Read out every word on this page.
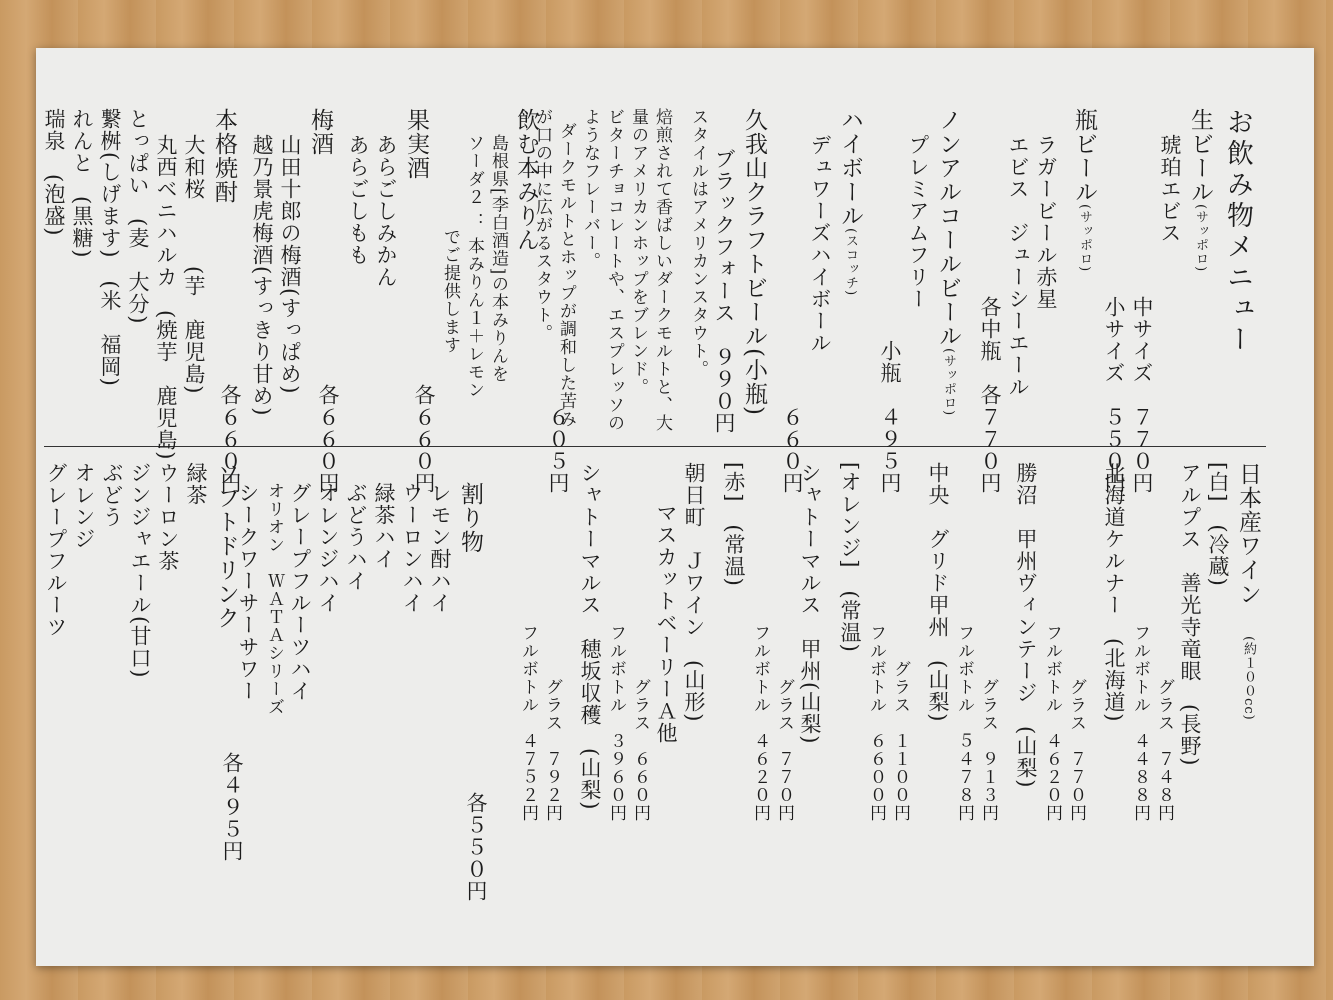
お飲み物メニュー
生ビール(サッポロ)
琥珀エビス
中サイズ　７７０円
小サイズ　５５０円
瓶ビール(サッポロ)
ラガービール赤星
エビス　ジューシーエール
各中瓶　各７７０円
ノンアルコールビール(サッポロ)
プレミアムフリー
小瓶　４９５円
ハイボール(スコッチ)
デュワーズハイボール
６６０円
久我山クラフトビール(小瓶)
ブラックフォース　９９０円
スタイルはアメリカンスタウト。
焙煎されて香ばしいダークモルトと、大
量のアメリカンホップをブレンド。
ビターチョコレートや、エスプレッソの
ようなフレーバー。
ダークモルトとホップが調和した苦み
が口の中に広がるスタウト。
飲む本みりん
島根県[李白酒造]の本みりんを
ソーダ２ ： 本みりん１＋レモン
でご提供します
６０５円
果実酒
あらごしみかん
あらごしもも
各６６０円
梅酒
山田十郎の梅酒(すっぱめ)
越乃景虎梅酒(すっきり甘め)
各６６０円
本格焼酎
大和桜　　　(芋　鹿児島)
丸西ベニハルカ　(焼芋　鹿児島)
とっぱい　(麦　大分)
繋桝(しげます)　(米　福岡)
れんと　(黒糖)
瑞泉　(泡盛)
各６６０円
日本産ワイン(約１００cc)
[白]　(冷蔵)
アルプス　善光寺竜眼　(長野)
グラス　７４８円
フルボトル　４４８８円
北海道ケルナー　(北海道)
グラス　７７０円
フルボトル　４６２０円
勝沼　甲州ヴィンテージ　(山梨)
グラス　９１３円
フルボトル　５４７８円
中央　グリド甲州　(山梨)
グラス　１１００円
フルボトル　６６００円
[オレンジ]　(常温)
シャトーマルス　甲州(山梨)
グラス　７７０円
フルボトル　４６２０円
[赤]　(常温)
朝日町　Ｊワイン　(山形)
マスカットベーリーＡ他
グラス　６６０円
フルボトル　３９６０円
シャトーマルス　穂坂収穫　(山梨)
グラス　７９２円
フルボトル　４７５２円
割り物
レモン酎ハイ
ウーロンハイ
緑茶ハイ
ぶどうハイ
オレンジハイ
グレープフルーツハイ
オリオン　ＷＡＴＡシリーズ
シークワーサーサワー
各５５０円
ソフトドリンク
緑茶
ウーロン茶
ジンジャエール(甘口)
ぶどう
オレンジ
グレープフルーツ
各４９５円
